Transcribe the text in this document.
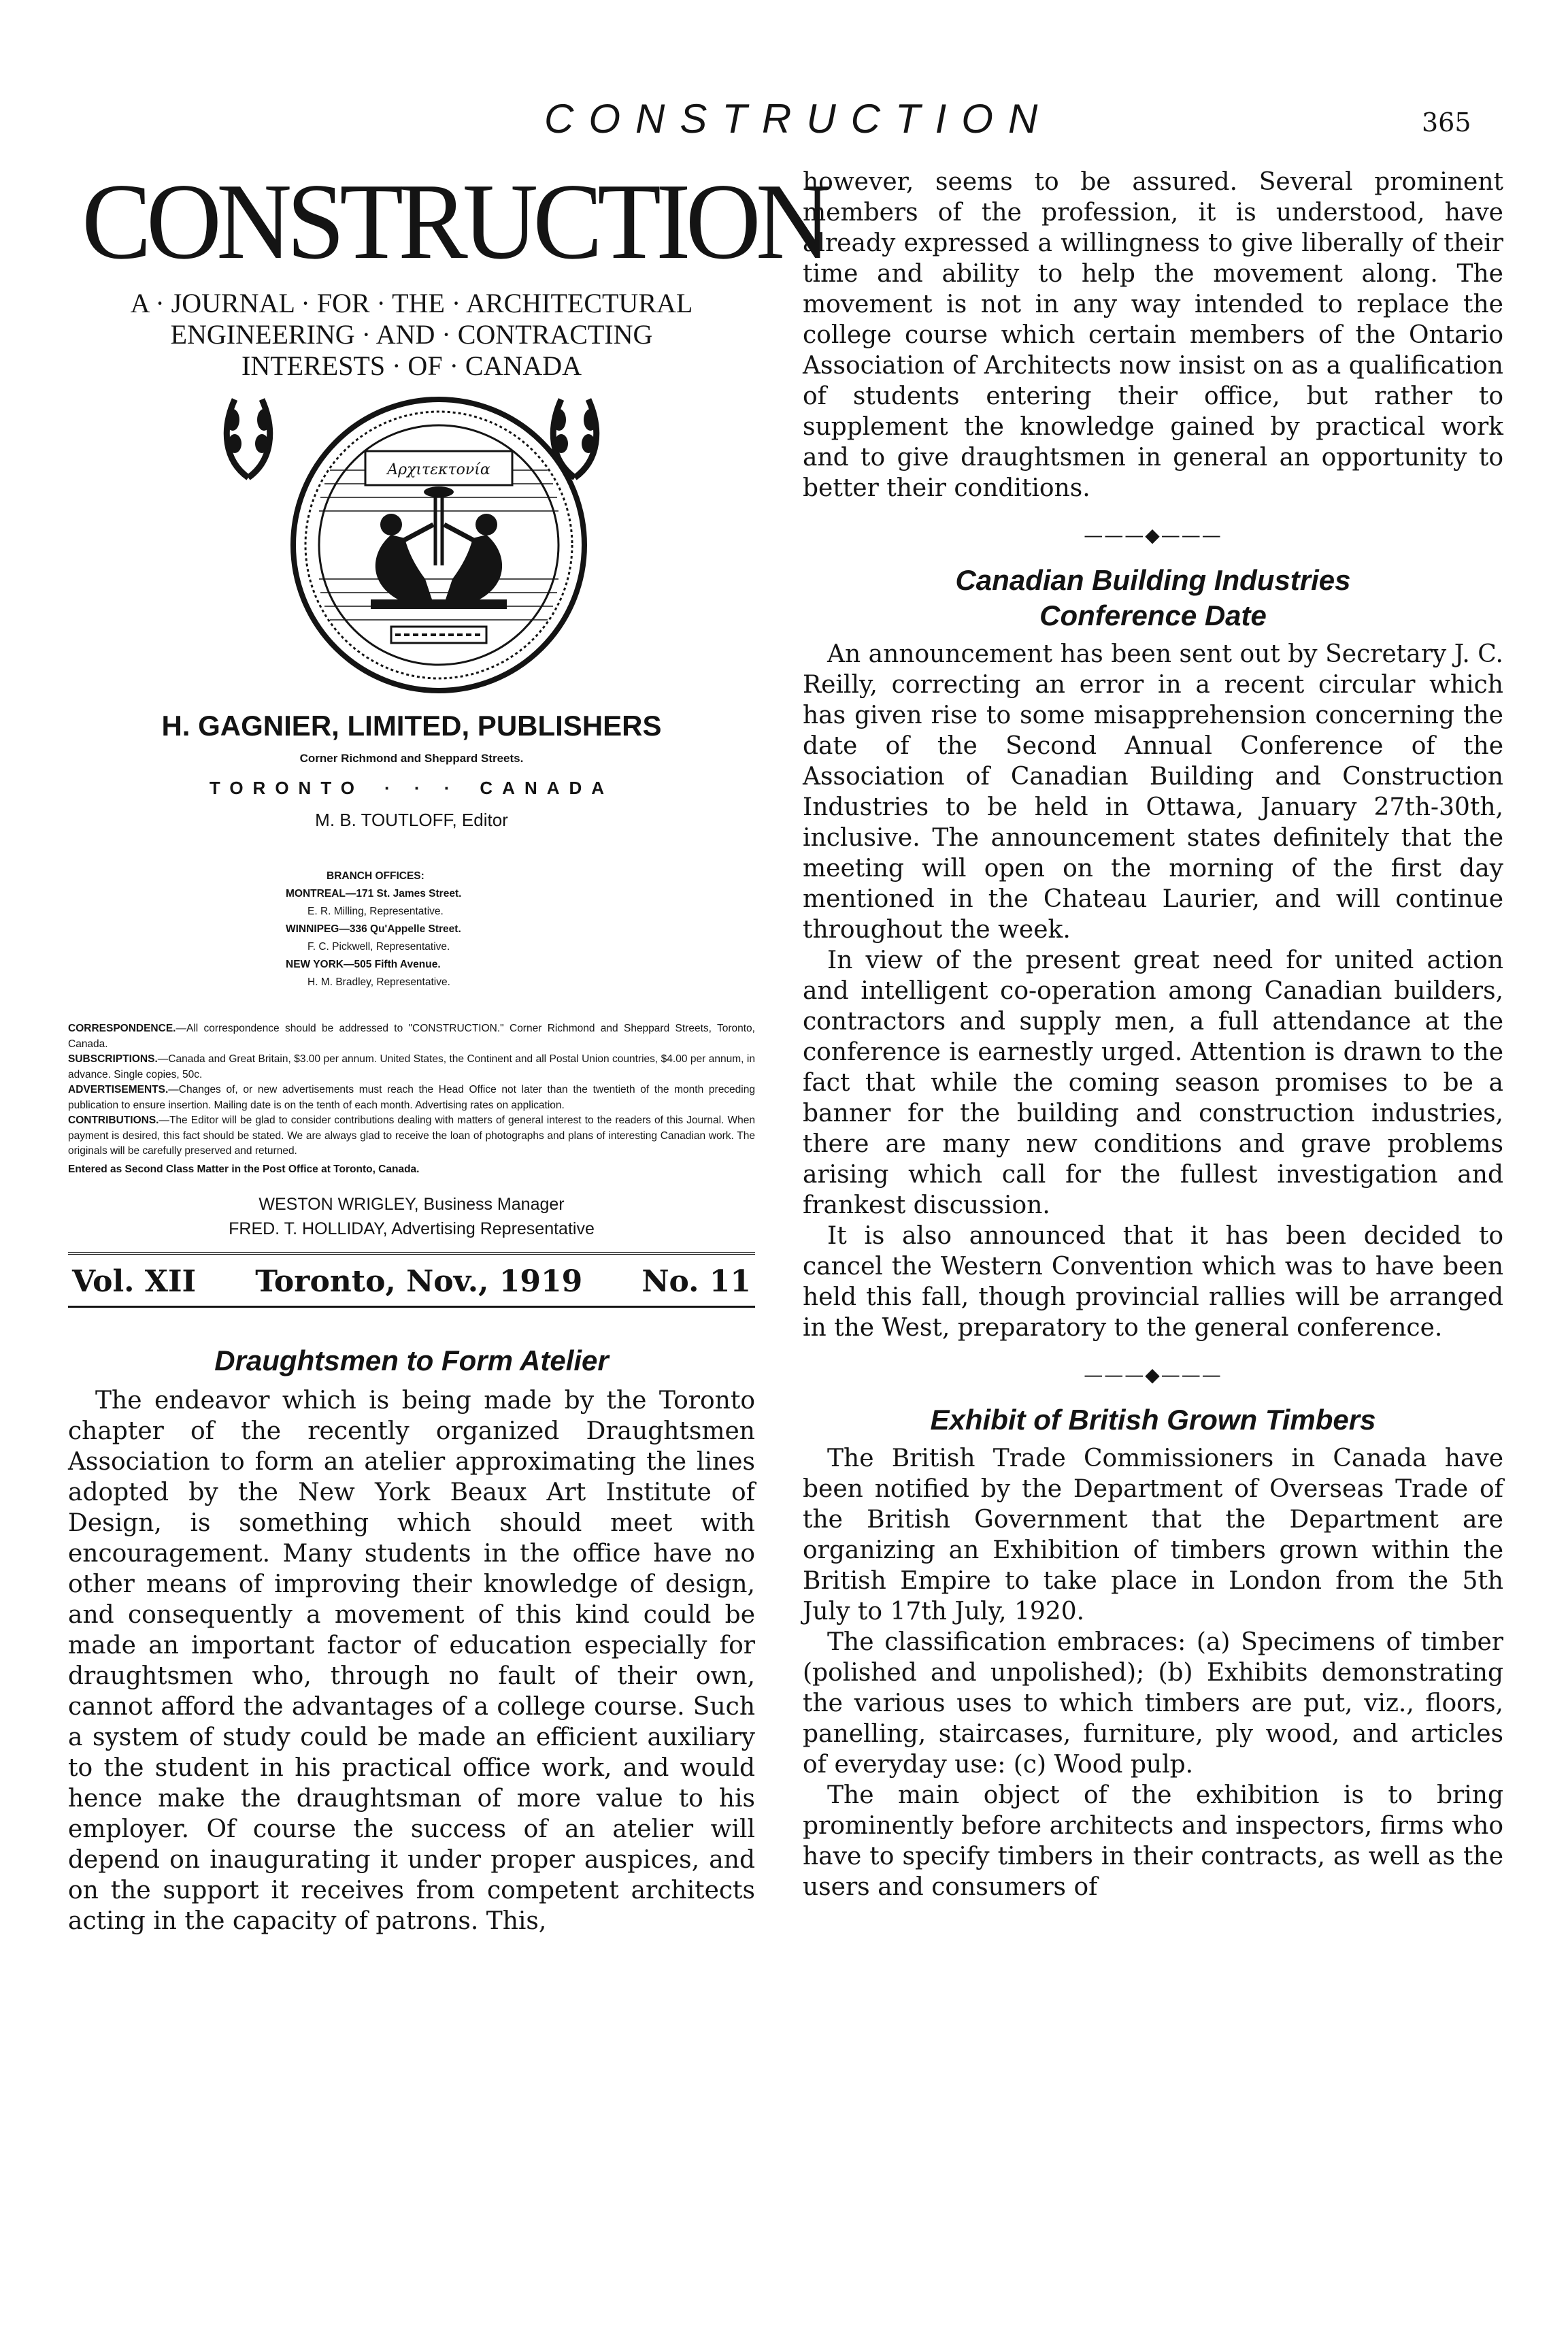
CONSTRUCTION	365
CONSTRUCTION
A · JOURNAL · FOR · THE · ARCHITECTURAL
ENGINEERING · AND · CONTRACTING
INTERESTS · OF · CANADA
Αρχιτεκτονία
H. GAGNIER, LIMITED, PUBLISHERS
Corner Richmond and Sheppard Streets.
TORONTO · · · CANADA
M. B. TOUTLOFF, Editor
BRANCH OFFICES:
MONTREAL—171 St. James Street.
E. R. Milling, Representative.
WINNIPEG—336 Qu'Appelle Street.
F. C. Pickwell, Representative.
NEW YORK—505 Fifth Avenue.
H. M. Bradley, Representative.

CORRESPONDENCE.—All correspondence should be addressed to "CONSTRUCTION." Corner Richmond and Sheppard Streets, Toronto, Canada.

SUBSCRIPTIONS.—Canada and Great Britain, $3.00 per annum. United States, the Continent and all Postal Union countries, $4.00 per annum, in advance. Single copies, 50c.

ADVERTISEMENTS.—Changes of, or new advertisements must reach the Head Office not later than the twentieth of the month preceding publication to ensure insertion. Mailing date is on the tenth of each month. Advertising rates on application.

CONTRIBUTIONS.—The Editor will be glad to consider contributions dealing with matters of general interest to the readers of this Journal. When payment is desired, this fact should be stated. We are always glad to receive the loan of photographs and plans of interesting Canadian work. The originals will be carefully preserved and returned.

Entered as Second Class Matter in the Post Office at Toronto, Canada.

WESTON WRIGLEY, Business Manager
FRED. T. HOLLIDAY, Advertising Representative
Vol. XII Toronto, Nov., 1919 No. 11
Draughtsmen to Form Atelier

The endeavor which is being made by the Toronto chapter of the recently organized Draughtsmen Association to form an atelier approximating the lines adopted by the New York Beaux Art Institute of Design, is something which should meet with encouragement. Many students in the office have no other means of improving their knowledge of design, and consequently a movement of this kind could be made an important factor of education especially for draughtsmen who, through no fault of their own, cannot afford the advantages of a college course. Such a system of study could be made an efficient auxiliary to the student in his practical office work, and would hence make the draughtsman of more value to his employer. Of course the success of an atelier will depend on inaugurating it under proper auspices, and on the support it receives from competent architects acting in the capacity of patrons. This,

however, seems to be assured. Several prominent members of the profession, it is understood, have already expressed a willingness to give liberally of their time and ability to help the movement along. The movement is not in any way intended to replace the college course which certain members of the Ontario Association of Architects now insist on as a qualification of students entering their office, but rather to supplement the knowledge gained by practical work and to give draughtsmen in general an opportunity to better their conditions.

———◆———
Canadian Building Industries
Conference Date

An announcement has been sent out by Secretary J. C. Reilly, correcting an error in a recent circular which has given rise to some misapprehension concerning the date of the Second Annual Conference of the Association of Canadian Building and Construction Industries to be held in Ottawa, January 27th-30th, inclusive. The announcement states definitely that the meeting will open on the morning of the first day mentioned in the Chateau Laurier, and will continue throughout the week.

In view of the present great need for united action and intelligent co-operation among Canadian builders, contractors and supply men, a full attendance at the conference is earnestly urged. Attention is drawn to the fact that while the coming season promises to be a banner for the building and construction industries, there are many new conditions and grave problems arising which call for the fullest investigation and frankest discussion.

It is also announced that it has been decided to cancel the Western Convention which was to have been held this fall, though provincial rallies will be arranged in the West, preparatory to the general conference.

———◆———
Exhibit of British Grown Timbers

The British Trade Commissioners in Canada have been notified by the Department of Overseas Trade of the British Government that the Department are organizing an Exhibition of timbers grown within the British Empire to take place in London from the 5th July to 17th July, 1920.

The classification embraces: (a) Specimens of timber (polished and unpolished); (b) Exhibits demonstrating the various uses to which timbers are put, viz., floors, panelling, staircases, furniture, ply wood, and articles of everyday use: (c) Wood pulp.

The main object of the exhibition is to bring prominently before architects and inspectors, firms who have to specify timbers in their contracts, as well as the users and consumers of
